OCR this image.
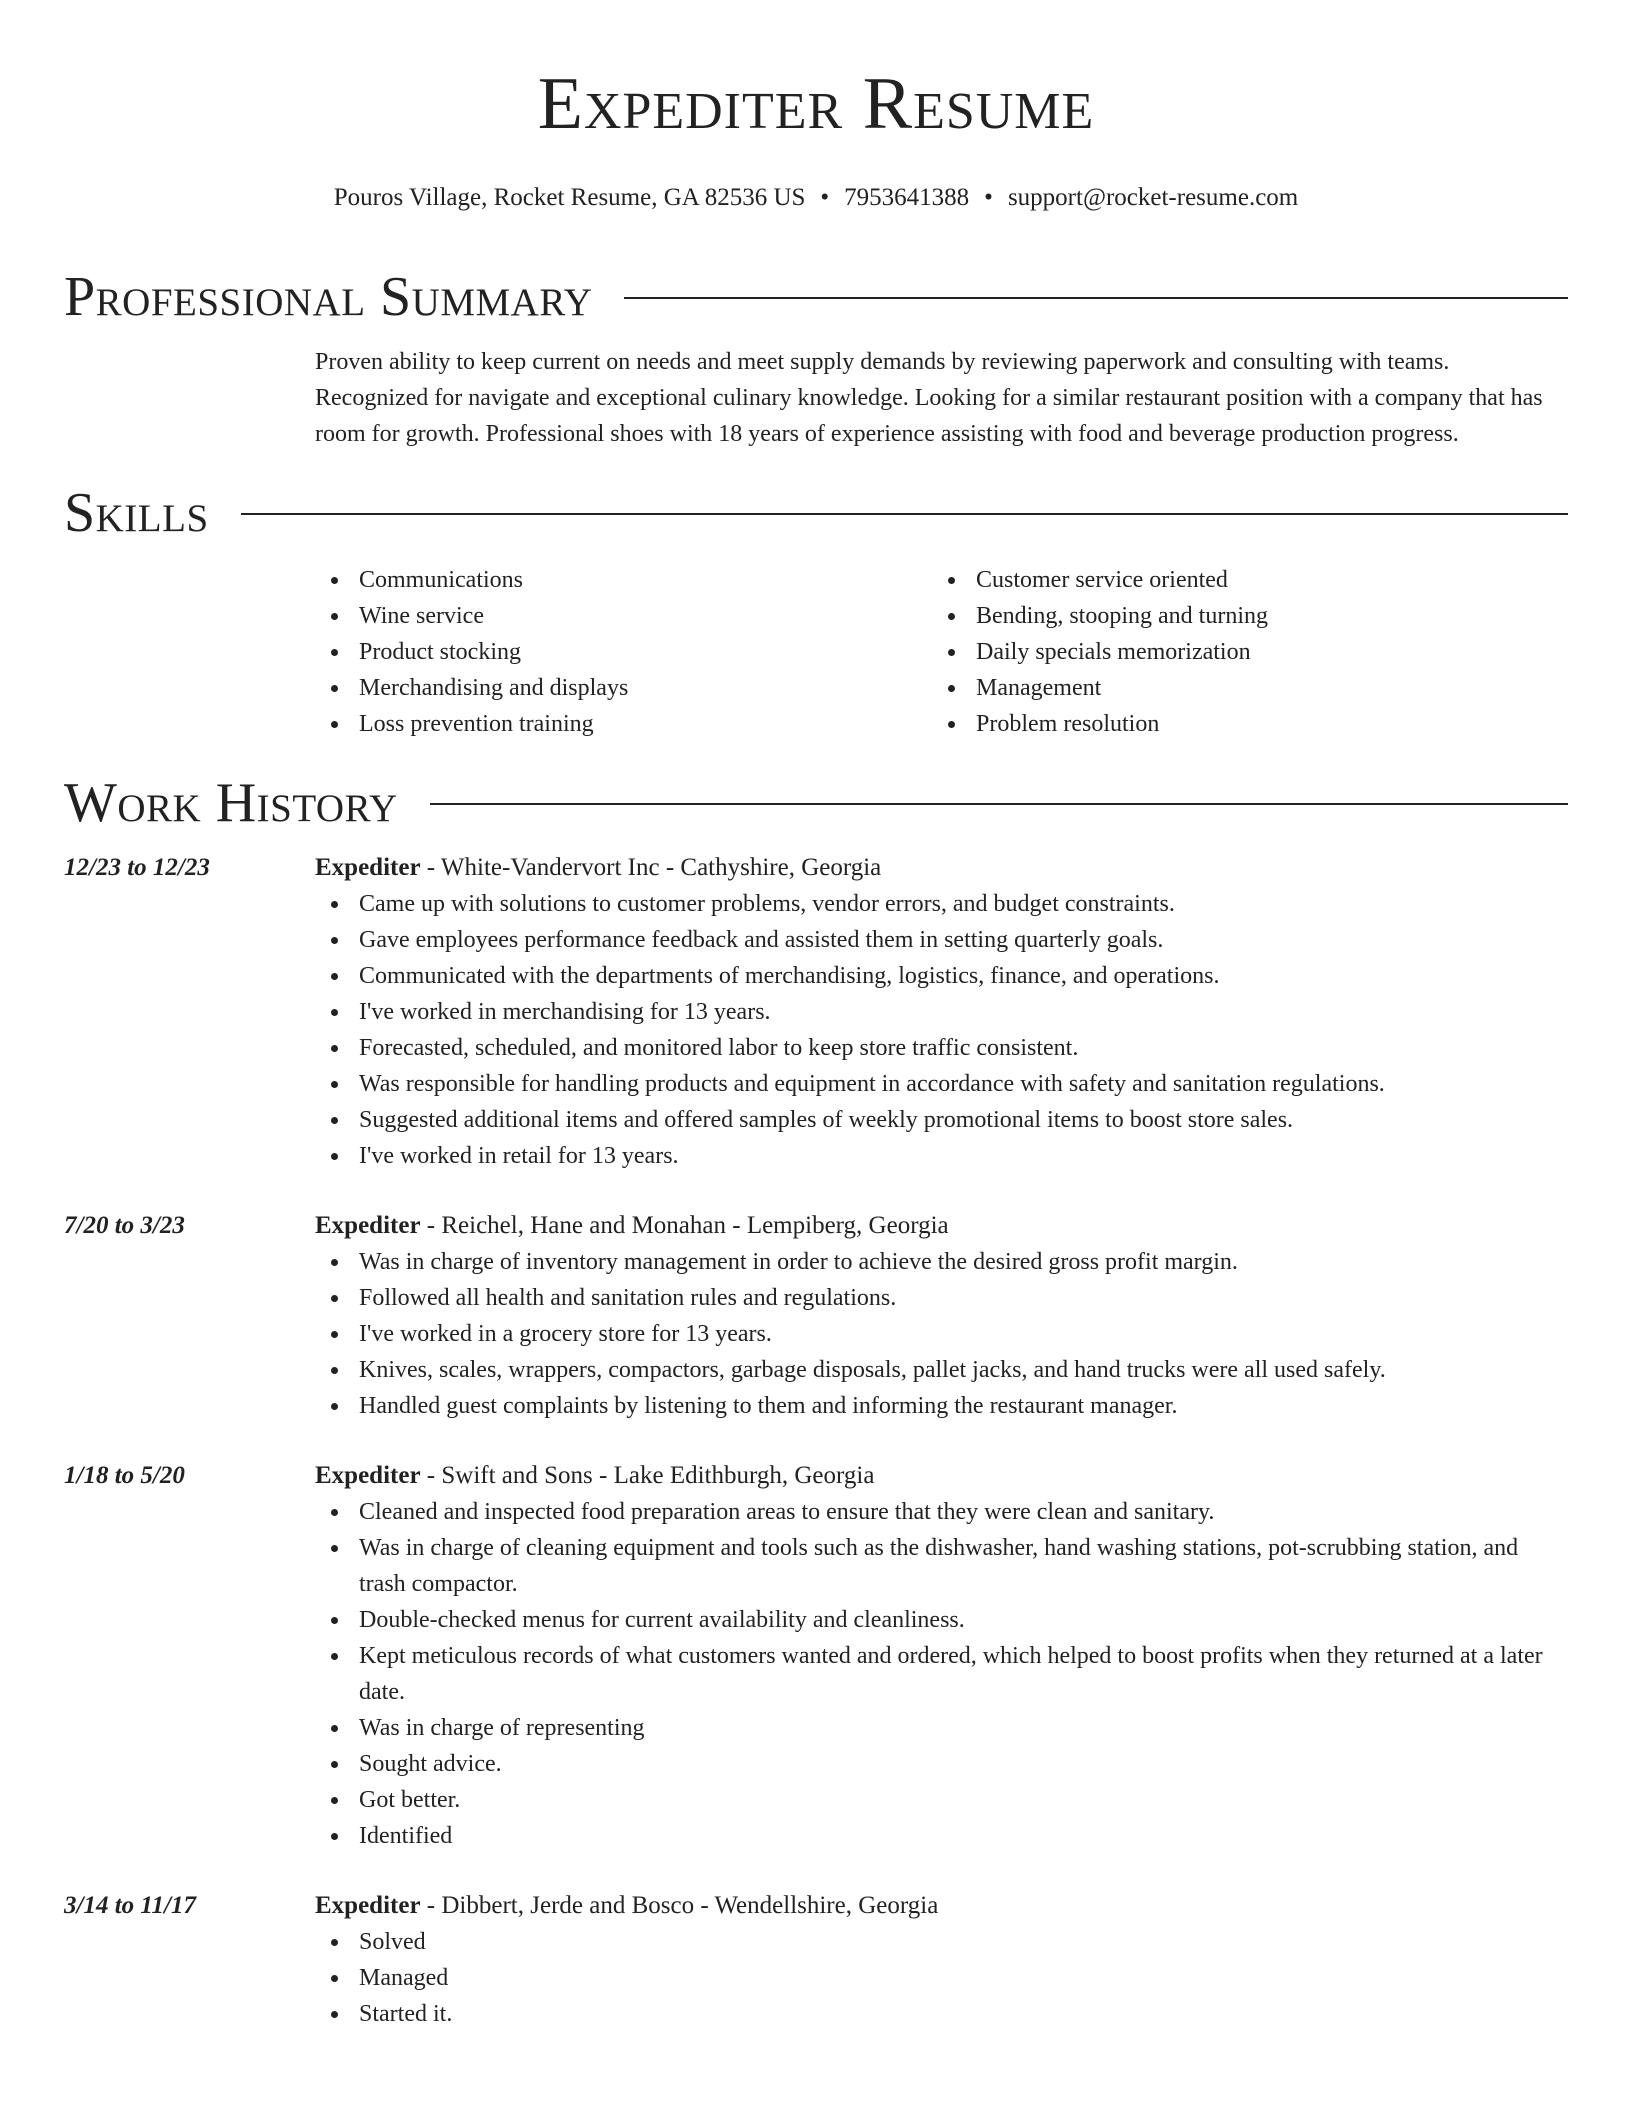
Expediter Resume
Pouros Village, Rocket Resume, GA 82536 US • 7953641388 • support@rocket-resume.com
Professional Summary
Proven ability to keep current on needs and meet supply demands by reviewing paperwork and consulting with teams. Recognized for navigate and exceptional culinary knowledge. Looking for a similar restaurant position with a company that has room for growth. Professional shoes with 18 years of experience assisting with food and beverage production progress.
Skills
Communications
Wine service
Product stocking
Merchandising and displays
Loss prevention training
Customer service oriented
Bending, stooping and turning
Daily specials memorization
Management
Problem resolution
Work History
12/23 to 12/23	Expediter - White-Vandervort Inc - Cathyshire, Georgia
Came up with solutions to customer problems, vendor errors, and budget constraints.
Gave employees performance feedback and assisted them in setting quarterly goals.
Communicated with the departments of merchandising, logistics, finance, and operations.
I've worked in merchandising for 13 years.
Forecasted, scheduled, and monitored labor to keep store traffic consistent.
Was responsible for handling products and equipment in accordance with safety and sanitation regulations.
Suggested additional items and offered samples of weekly promotional items to boost store sales.
I've worked in retail for 13 years.
7/20 to 3/23	Expediter - Reichel, Hane and Monahan - Lempiberg, Georgia
Was in charge of inventory management in order to achieve the desired gross profit margin.
Followed all health and sanitation rules and regulations.
I've worked in a grocery store for 13 years.
Knives, scales, wrappers, compactors, garbage disposals, pallet jacks, and hand trucks were all used safely.
Handled guest complaints by listening to them and informing the restaurant manager.
1/18 to 5/20	Expediter - Swift and Sons - Lake Edithburgh, Georgia
Cleaned and inspected food preparation areas to ensure that they were clean and sanitary.
Was in charge of cleaning equipment and tools such as the dishwasher, hand washing stations, pot-scrubbing station, and trash compactor.
Double-checked menus for current availability and cleanliness.
Kept meticulous records of what customers wanted and ordered, which helped to boost profits when they returned at a later date.
Was in charge of representing
Sought advice.
Got better.
Identified
3/14 to 11/17	Expediter - Dibbert, Jerde and Bosco - Wendellshire, Georgia
Solved
Managed
Started it.
